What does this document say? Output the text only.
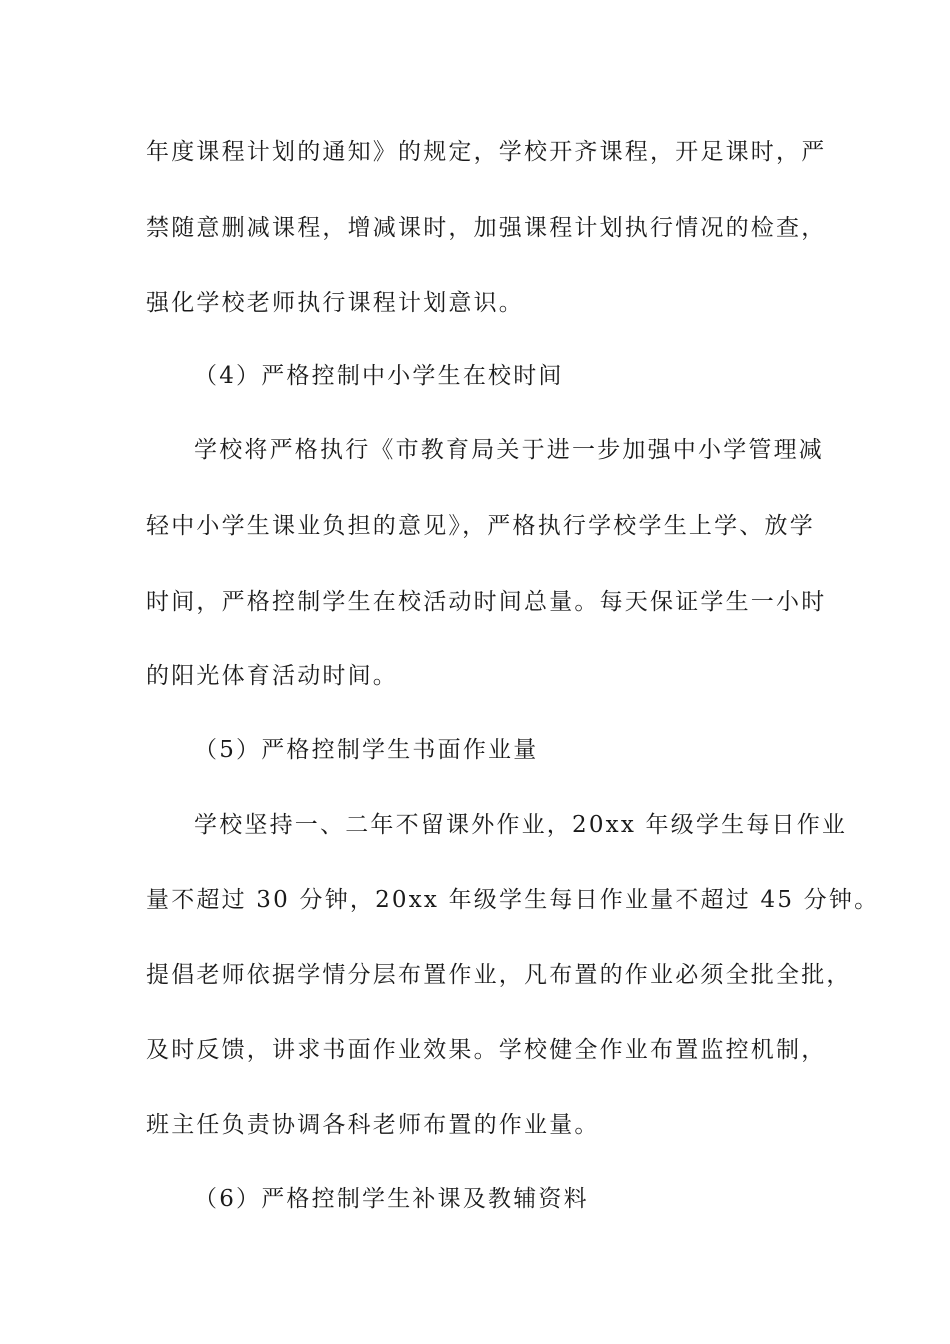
年度课程计划的通知》的规定，学校开齐课程，开足课时，严
禁随意删减课程，增减课时，加强课程计划执行情况的检查，
强化学校老师执行课程计划意识。
（4）严格控制中小学生在校时间
学校将严格执行《市教育局关于进一步加强中小学管理减
轻中小学生课业负担的意见》，严格执行学校学生上学、放学
时间，严格控制学生在校活动时间总量。每天保证学生一小时
的阳光体育活动时间。
（5）严格控制学生书面作业量
学校坚持一、二年不留课外作业，20xx 年级学生每日作业
量不超过 30 分钟，20xx 年级学生每日作业量不超过 45 分钟。
提倡老师依据学情分层布置作业，凡布置的作业必须全批全批，
及时反馈，讲求书面作业效果。学校健全作业布置监控机制，
班主任负责协调各科老师布置的作业量。
（6）严格控制学生补课及教辅资料
